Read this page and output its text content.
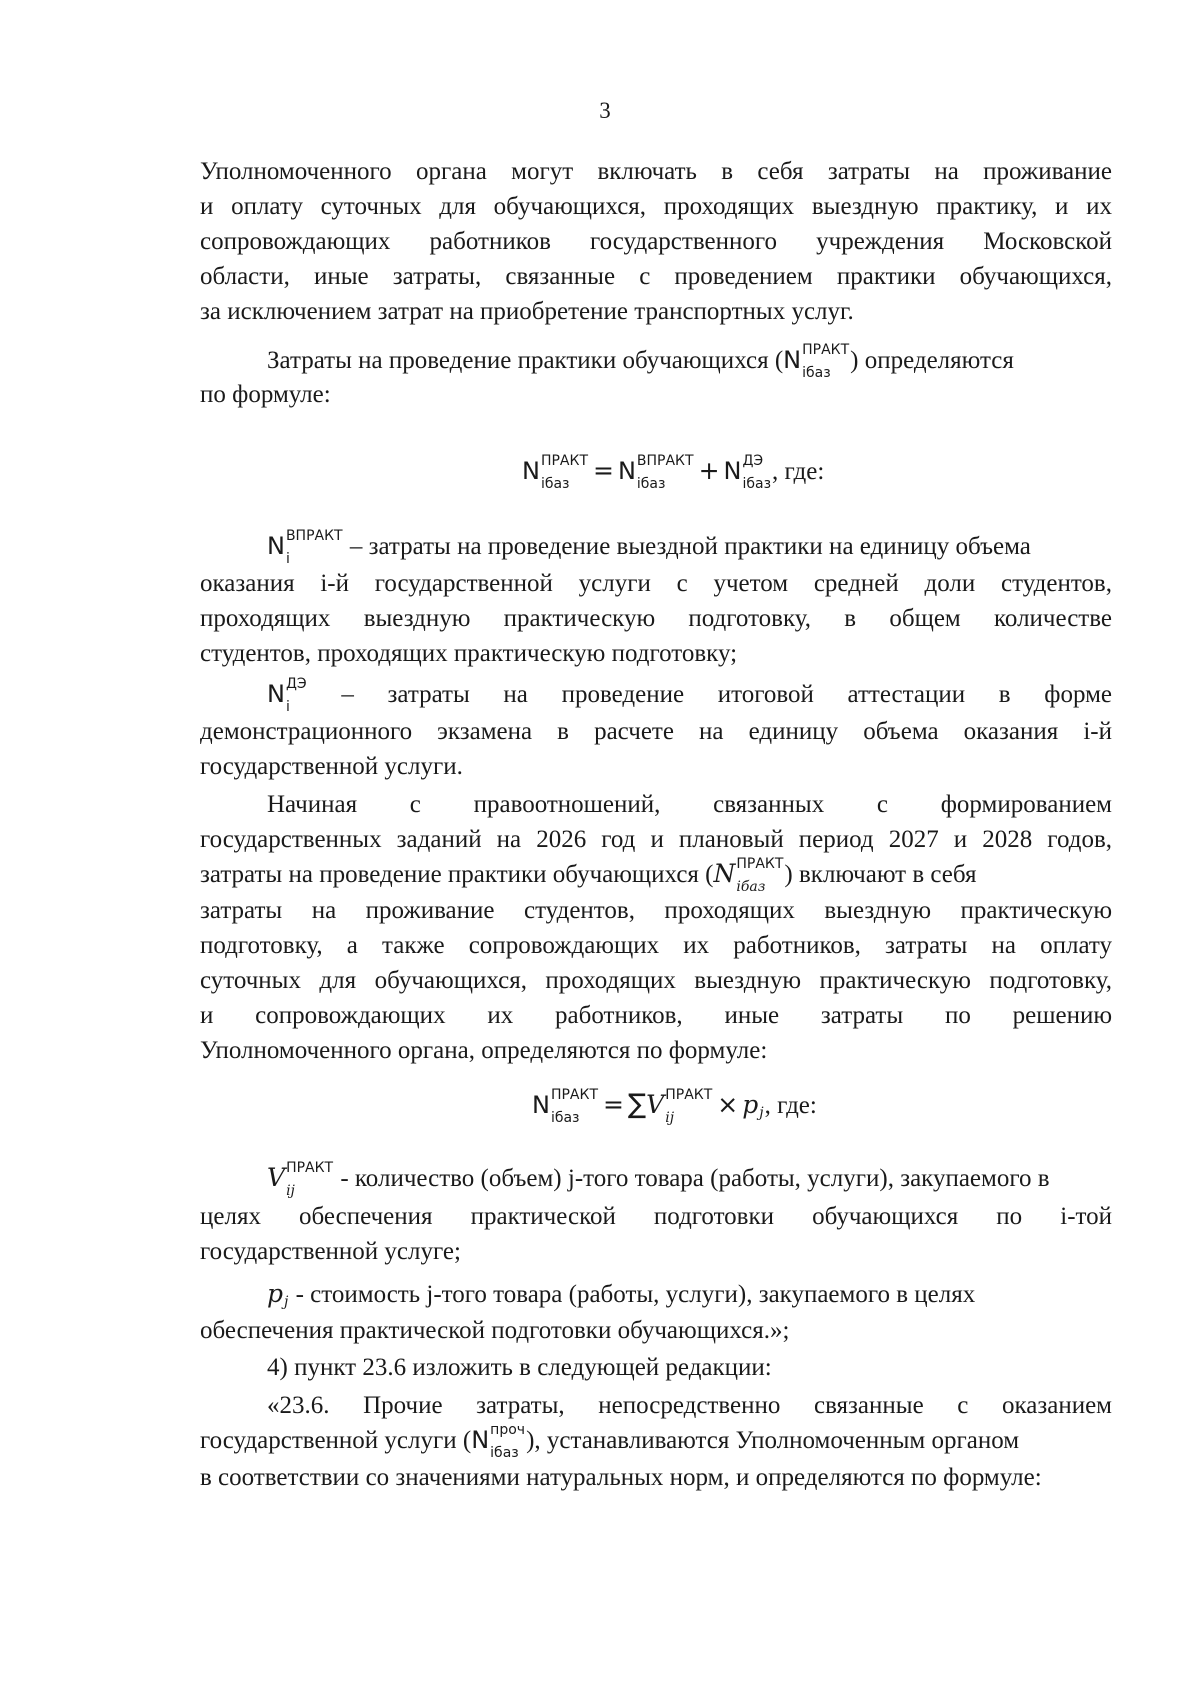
3
Уполномоченного органа могут включать в себя затраты на проживание
и оплату суточных для обучающихся, проходящих выездную практику, и их
сопровождающих работников государственного учреждения Московской
области, иные затраты, связанные с проведением практики обучающихся,
за исключением затрат на приобретение транспортных услуг.
Затраты на проведение практики обучающихся (N ПРАКТ
iбаз ) определяются
по формуле:
N ПРАКТ
iбаз = N ВПРАКТ
iбаз	+ N ДЭ
iбаз , где:
N ВПРАКТ
i	– затраты на проведение выездной практики на единицу объема
оказания i-й государственной услуги с учетом средней доли студентов,
проходящих выездную практическую подготовку, в общем количестве
студентов, проходящих практическую подготовку;
N ДЭ
i – затраты на проведение итоговой аттестации в форме
демонстрационного экзамена в расчете на единицу объема оказания i-й
государственной услуги.
Начиная с правоотношений, связанных с формированием
государственных заданий на 2026 год и плановый период 2027 и 2028 годов,
затраты на проведение практики обучающихся (N ПРАКТ
iбаз ) включают в себя
затраты на проживание студентов, проходящих выездную практическую
подготовку, а также сопровождающих их работников, затраты на оплату
суточных для обучающихся, проходящих выездную практическую подготовку,
и сопровождающих их работников, иные затраты по решению
Уполномоченного органа, определяются по формуле:
N ПРАКТ
iбаз = ∑V ПРАКТ
ij	× p j , где:
V ПРАКТ
ij	- количество (объем) j-того товара (работы, услуги), закупаемого в
целях обеспечения практической подготовки обучающихся по i-той
государственной услуге;
p j - стоимость j-того товара (работы, услуги), закупаемого в целях
обеспечения практической подготовки обучающихся.»;
4) пункт 23.6 изложить в следующей редакции:
«23.6. Прочие затраты, непосредственно связанные с оказанием
государственной услуги (N проч
iбаз ), устанавливаются Уполномоченным органом
в соответствии со значениями натуральных норм, и определяются по формуле:
